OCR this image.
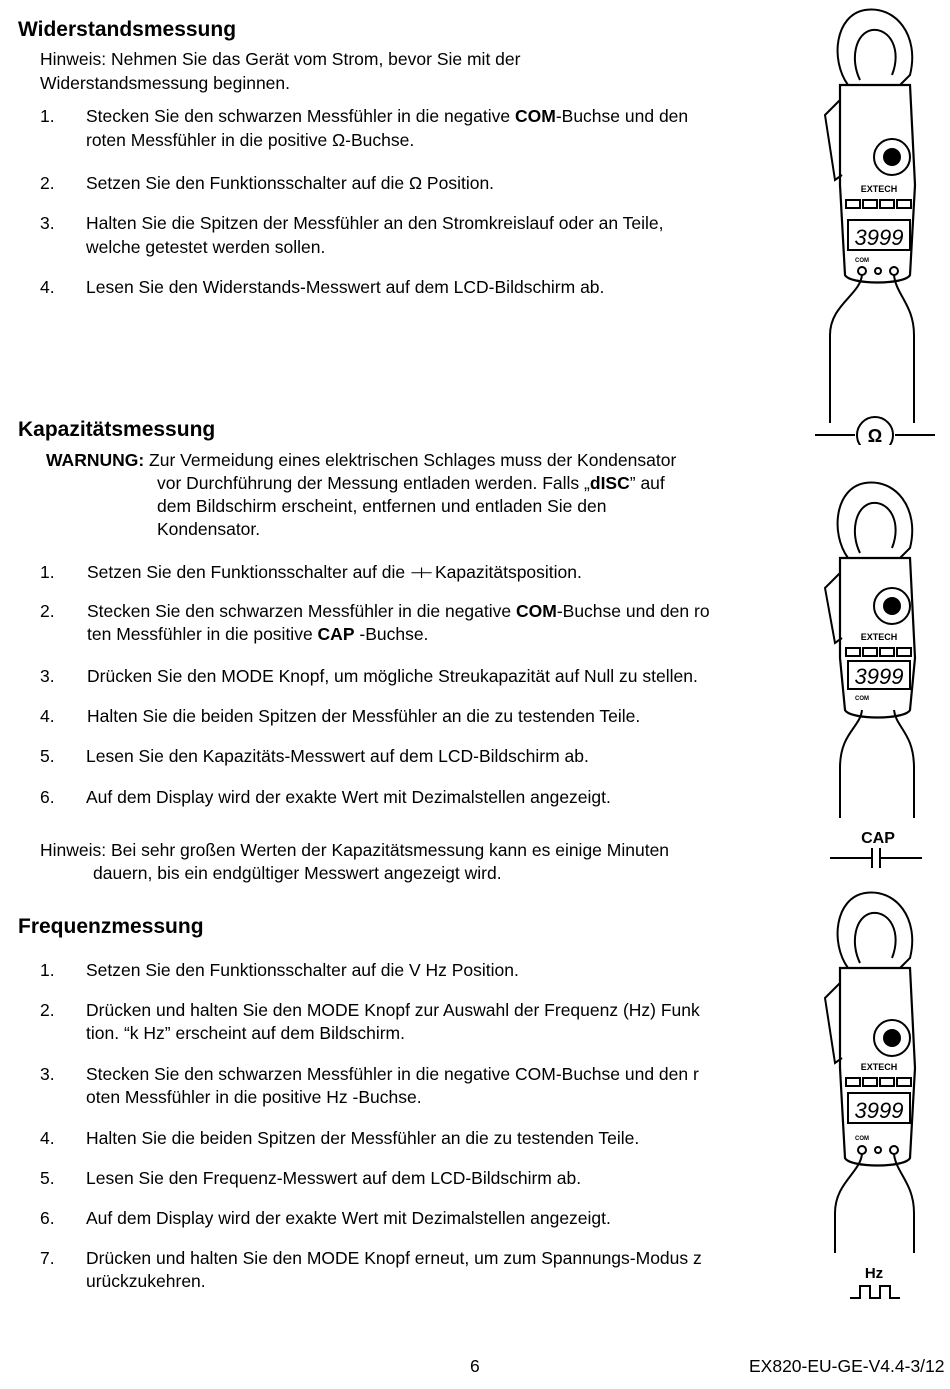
Widerstandsmessung
Hinweis: Nehmen Sie das Gerät vom Strom, bevor Sie mit der
Widerstandsmessung beginnen.
1. Stecken Sie den schwarzen Messfühler in die negative COM-Buchse und den
roten Messfühler in die positive Ω-Buchse.
2. Setzen Sie den Funktionsschalter auf die Ω Position.
3. Halten Sie die Spitzen der Messfühler an den Stromkreislauf oder an Teile,
welche getestet werden sollen.
4. Lesen Sie den Widerstands-Messwert auf dem LCD-Bildschirm ab.
Kapazitätsmessung
WARNUNG: Zur Vermeidung eines elektrischen Schlages muss der Kondensator
vor Durchführung der Messung entladen werden. Falls „dISC” auf
dem Bildschirm erscheint, entfernen und entladen Sie den
Kondensator.
1. Setzen Sie den Funktionsschalter auf die ⊣⊢ Kapazitätsposition.
2. Stecken Sie den schwarzen Messfühler in die negative COM-Buchse und den ro
ten Messfühler in die positive CAP -Buchse.
3. Drücken Sie den MODE Knopf, um mögliche Streukapazität auf Null zu stellen.
4. Halten Sie die beiden Spitzen der Messfühler an die zu testenden Teile.
5. Lesen Sie den Kapazitäts-Messwert auf dem LCD-Bildschirm ab.
6. Auf dem Display wird der exakte Wert mit Dezimalstellen angezeigt.
Hinweis: Bei sehr großen Werten der Kapazitätsmessung kann es einige Minuten
dauern, bis ein endgültiger Messwert angezeigt wird.
Frequenzmessung
1. Setzen Sie den Funktionsschalter auf die V Hz Position.
2. Drücken und halten Sie den MODE Knopf zur Auswahl der Frequenz (Hz) Funk
tion. “k Hz” erscheint auf dem Bildschirm.
3. Stecken Sie den schwarzen Messfühler in die negative COM-Buchse und den r
oten Messfühler in die positive Hz -Buchse.
4. Halten Sie die beiden Spitzen der Messfühler an die zu testenden Teile.
5. Lesen Sie den Frequenz-Messwert auf dem LCD-Bildschirm ab.
6. Auf dem Display wird der exakte Wert mit Dezimalstellen angezeigt.
7. Drücken und halten Sie den MODE Knopf erneut, um zum Spannungs-Modus z
urückzukehren.
6	EX820-EU-GE-V4.4-3/12
3999
EXTECH
COM
Ω
3999
EXTECH
COM
CAP
3999
EXTECH
COM
Hz
